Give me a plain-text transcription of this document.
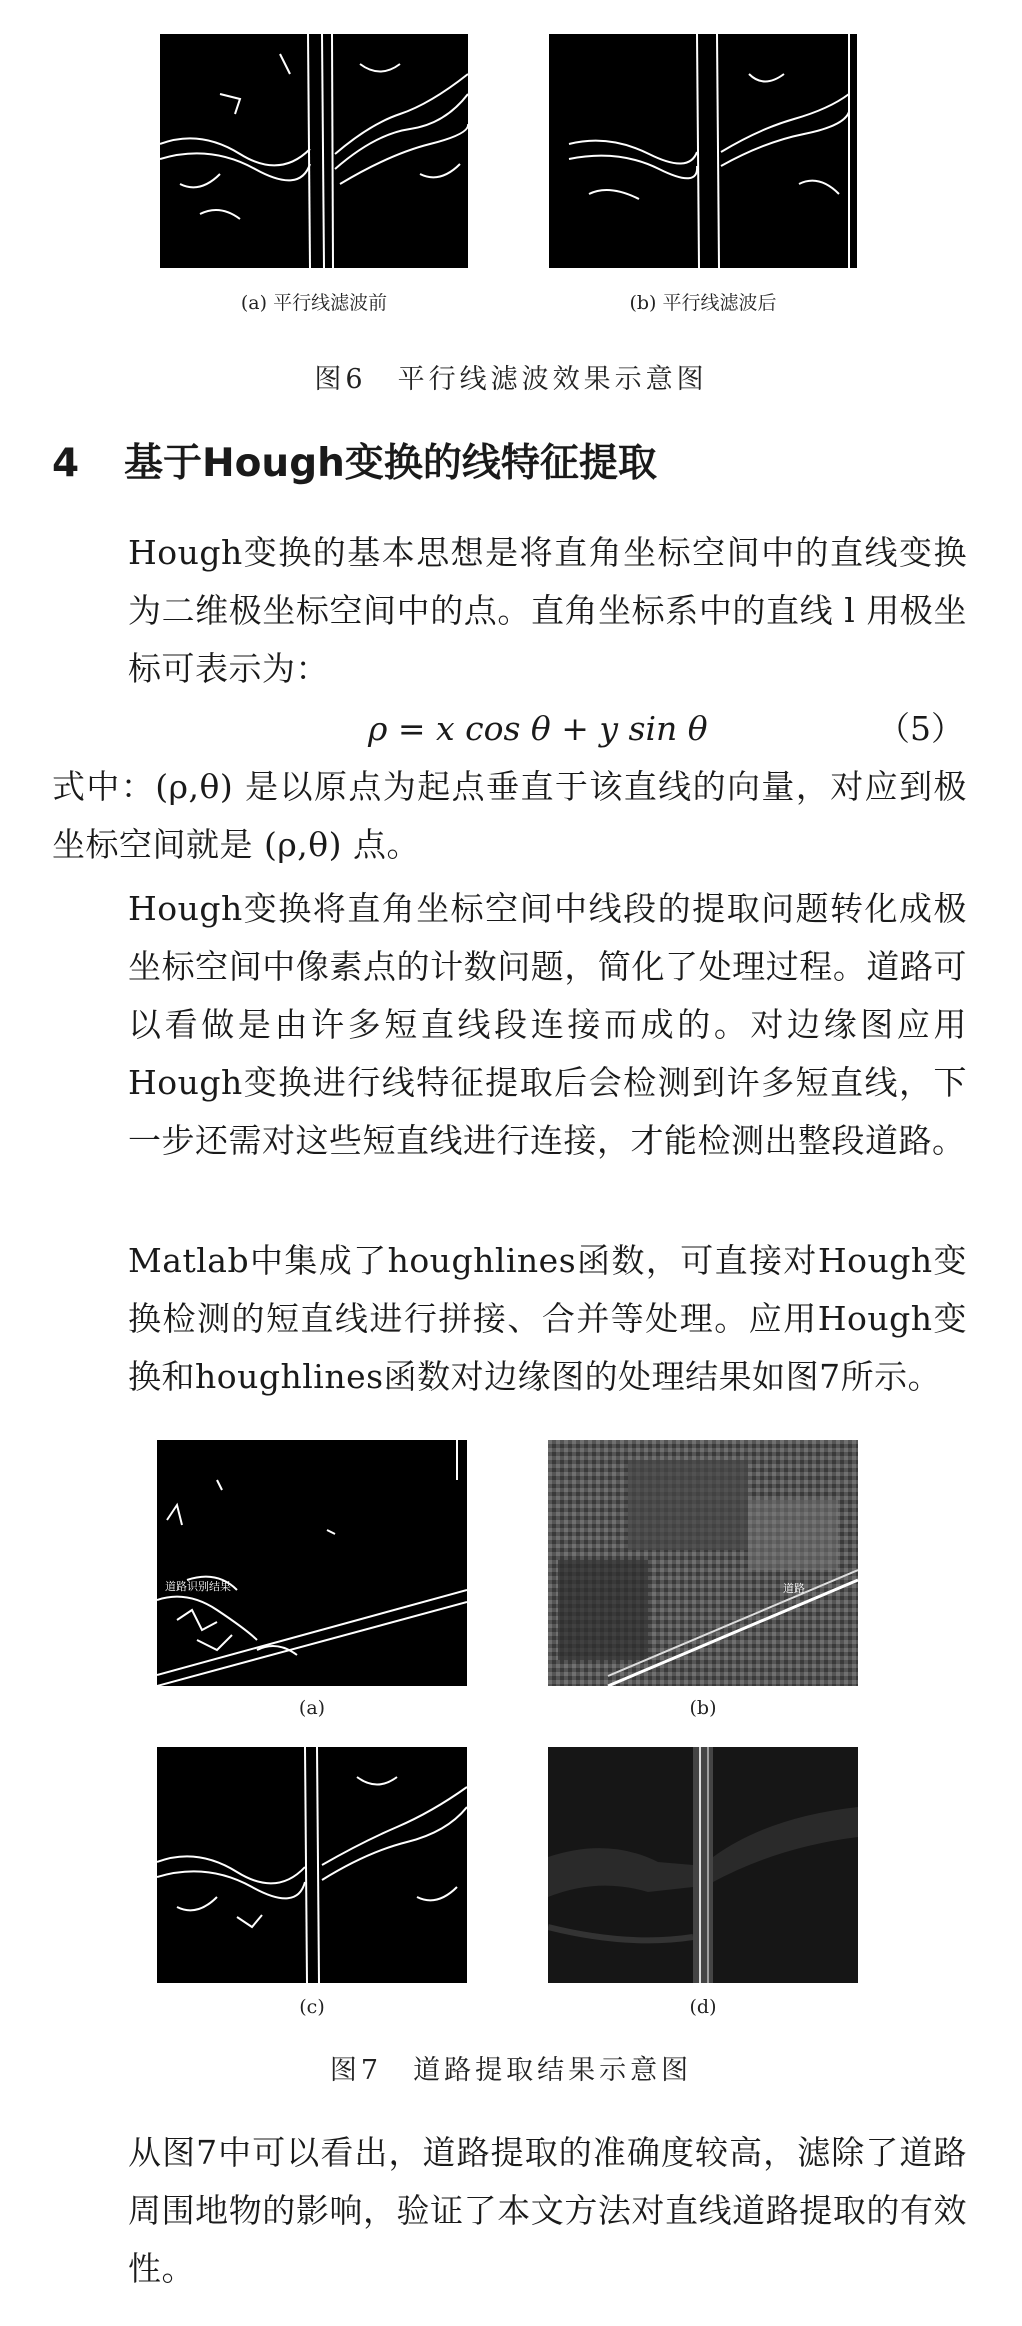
(a) 平行线滤波前	(b) 平行线滤波后
图6　平行线滤波效果示意图
4 基于Hough变换的线特征提取
Hough变换的基本思想是将直角坐标空间中的直线变换为二维极坐标空间中的点。直角坐标系中的直线 l 用极坐标可表示为：
ρ = x cos θ + y sin θ	（5）
式中：(ρ,θ) 是以原点为起点垂直于该直线的向量，对应到极坐标空间就是 (ρ,θ) 点。
Hough变换将直角坐标空间中线段的提取问题转化成极坐标空间中像素点的计数问题，简化了处理过程。道路可以看做是由许多短直线段连接而成的。对边缘图应用Hough变换进行线特征提取后会检测到许多短直线，下一步还需对这些短直线进行连接，才能检测出整段道路。
Matlab中集成了houghlines函数，可直接对Hough变换检测的短直线进行拼接、合并等处理。应用Hough变换和houghlines函数对边缘图的处理结果如图7所示。
道路识别结果
(a)
道路
(b)
(c)	(d)
图7　道路提取结果示意图
从图7中可以看出，道路提取的准确度较高，滤除了道路周围地物的影响，验证了本文方法对直线道路提取的有效性。
